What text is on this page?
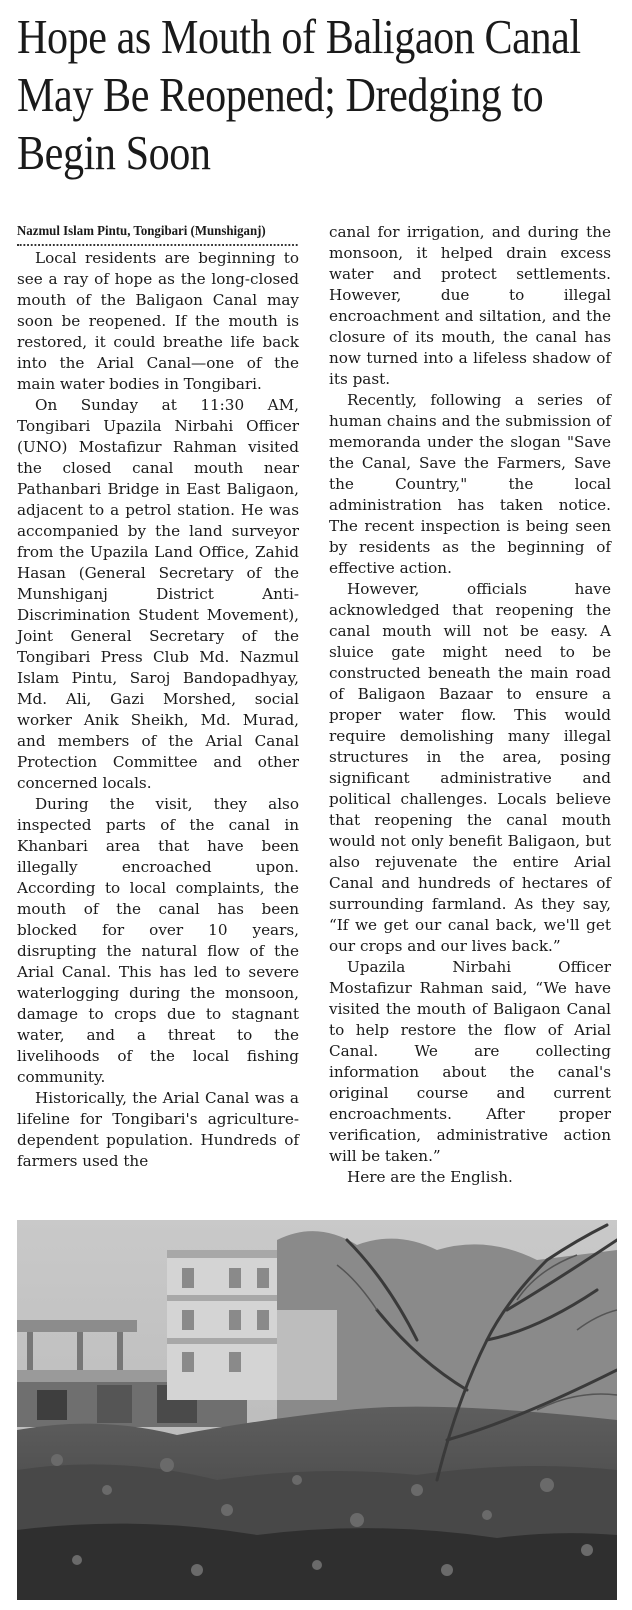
Hope as Mouth of Baligaon Canal May Be Reopened; Dredging to Begin Soon
Nazmul Islam Pintu, Tongibari (Munshiganj)

Local residents are beginning to see a ray of hope as the long-closed mouth of the Baligaon Canal may soon be reopened. If the mouth is restored, it could breathe life back into the Arial Canal—one of the main water bodies in Tongibari.

On Sunday at 11:30 AM, Tongibari Upazila Nirbahi Officer (UNO) Mostafizur Rahman visited the closed canal mouth near Pathanbari Bridge in East Baligaon, adjacent to a petrol station. He was accompanied by the land surveyor from the Upazila Land Office, Zahid Hasan (General Secretary of the Munshiganj District Anti-Discrimination Student Movement), Joint General Secretary of the Tongibari Press Club Md. Nazmul Islam Pintu, Saroj Bandopadhyay, Md. Ali, Gazi Morshed, social worker Anik Sheikh, Md. Murad, and members of the Arial Canal Protection Committee and other concerned locals.

During the visit, they also inspected parts of the canal in Khanbari area that have been illegally encroached upon. According to local complaints, the mouth of the canal has been blocked for over 10 years, disrupting the natural flow of the Arial Canal. This has led to severe waterlogging during the monsoon, damage to crops due to stagnant water, and a threat to the livelihoods of the local fishing community.

Historically, the Arial Canal was a lifeline for Tongibari's agriculture-dependent population. Hundreds of farmers used the

canal for irrigation, and during the monsoon, it helped drain excess water and protect settlements. However, due to illegal encroachment and siltation, and the closure of its mouth, the canal has now turned into a lifeless shadow of its past.

Recently, following a series of human chains and the submission of memoranda under the slogan "Save the Canal, Save the Farmers, Save the Country," the local administration has taken notice. The recent inspection is being seen by residents as the beginning of effective action.

However, officials have acknowledged that reopening the canal mouth will not be easy. A sluice gate might need to be constructed beneath the main road of Baligaon Bazaar to ensure a proper water flow. This would require demolishing many illegal structures in the area, posing significant administrative and political challenges. Locals believe that reopening the canal mouth would not only benefit Baligaon, but also rejuvenate the entire Arial Canal and hundreds of hectares of surrounding farmland. As they say, “If we get our canal back, we'll get our crops and our lives back.”

Upazila Nirbahi Officer Mostafizur Rahman said, “We have visited the mouth of Baligaon Canal to help restore the flow of Arial Canal. We are collecting information about the canal's original course and current encroachments. After proper verification, administrative action will be taken.”

Here are the English.
